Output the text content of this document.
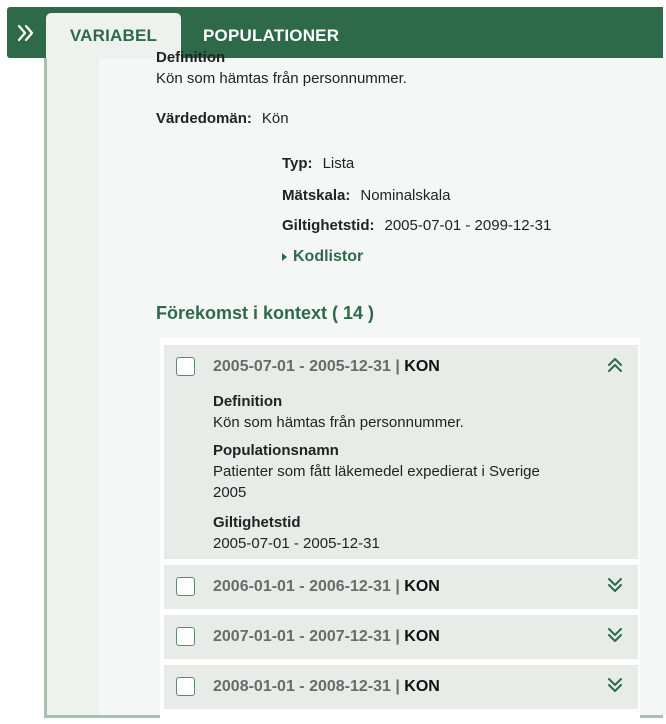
VARIABEL	POPULATIONER
Definition
Kön som hämtas från personnummer.
Värdedomän: Kön
Typ: Lista
Mätskala: Nominalskala
Giltighetstid: 2005-07-01 - 2099-12-31
Kodlistor
Förekomst i kontext ( 14 )
2005-07-01 - 2005-12-31 | KON
Definition
Kön som hämtas från personnummer.
Populationsnamn
Patienter som fått läkemedel expedierat i Sverige
2005
Giltighetstid
2005-07-01 - 2005-12-31
2006-01-01 - 2006-12-31 | KON
2007-01-01 - 2007-12-31 | KON
2008-01-01 - 2008-12-31 | KON
